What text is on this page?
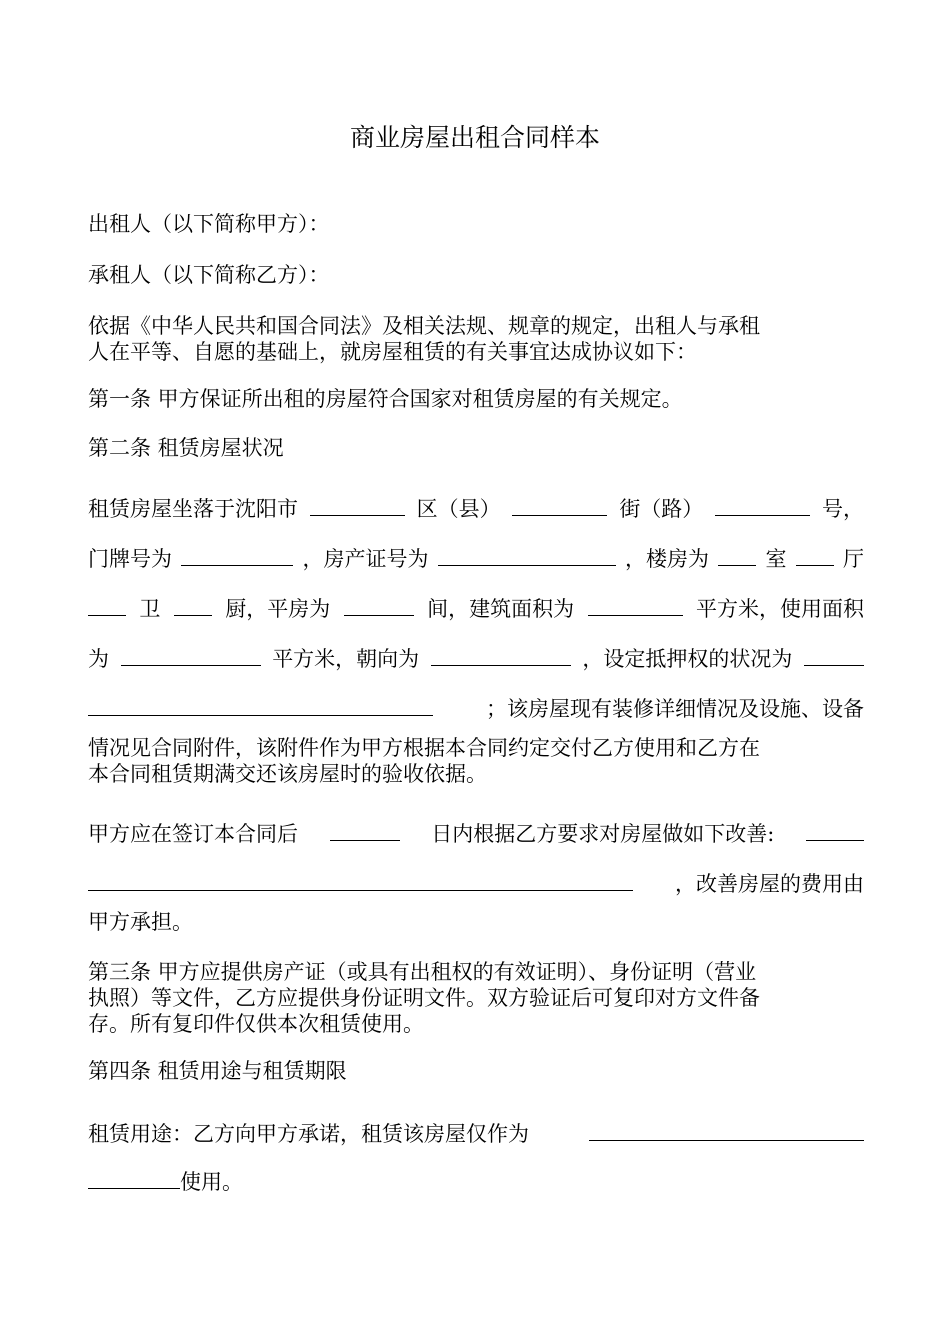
商业房屋出租合同样本
出租人（以下简称甲方）：
承租人（以下简称乙方）：
依据《中华人民共和国合同法》及相关法规、规章的规定，出租人与承租
人在平等、自愿的基础上，就房屋租赁的有关事宜达成协议如下：
第一条 甲方保证所出租的房屋符合国家对租赁房屋的有关规定。
第二条 租赁房屋状况
租赁房屋坐落于沈阳市	区（县）	街（路）	号，
门牌号为	，房产证号为	，楼房为	室	厅
卫	厨，平房为	间，建筑面积为	平方米，使用面积
为	平方米，朝向为	，设定抵押权的状况为
；该房屋现有装修详细情况及设施、设备
情况见合同附件，该附件作为甲方根据本合同约定交付乙方使用和乙方在
本合同租赁期满交还该房屋时的验收依据。
甲方应在签订本合同后	日内根据乙方要求对房屋做如下改善:
，改善房屋的费用由
甲方承担。
第三条 甲方应提供房产证（或具有出租权的有效证明）、身份证明（营业
执照）等文件，乙方应提供身份证明文件。双方验证后可复印对方文件备
存。所有复印件仅供本次租赁使用。
第四条 租赁用途与租赁期限
租赁用途：乙方向甲方承诺，租赁该房屋仅作为
使用。
